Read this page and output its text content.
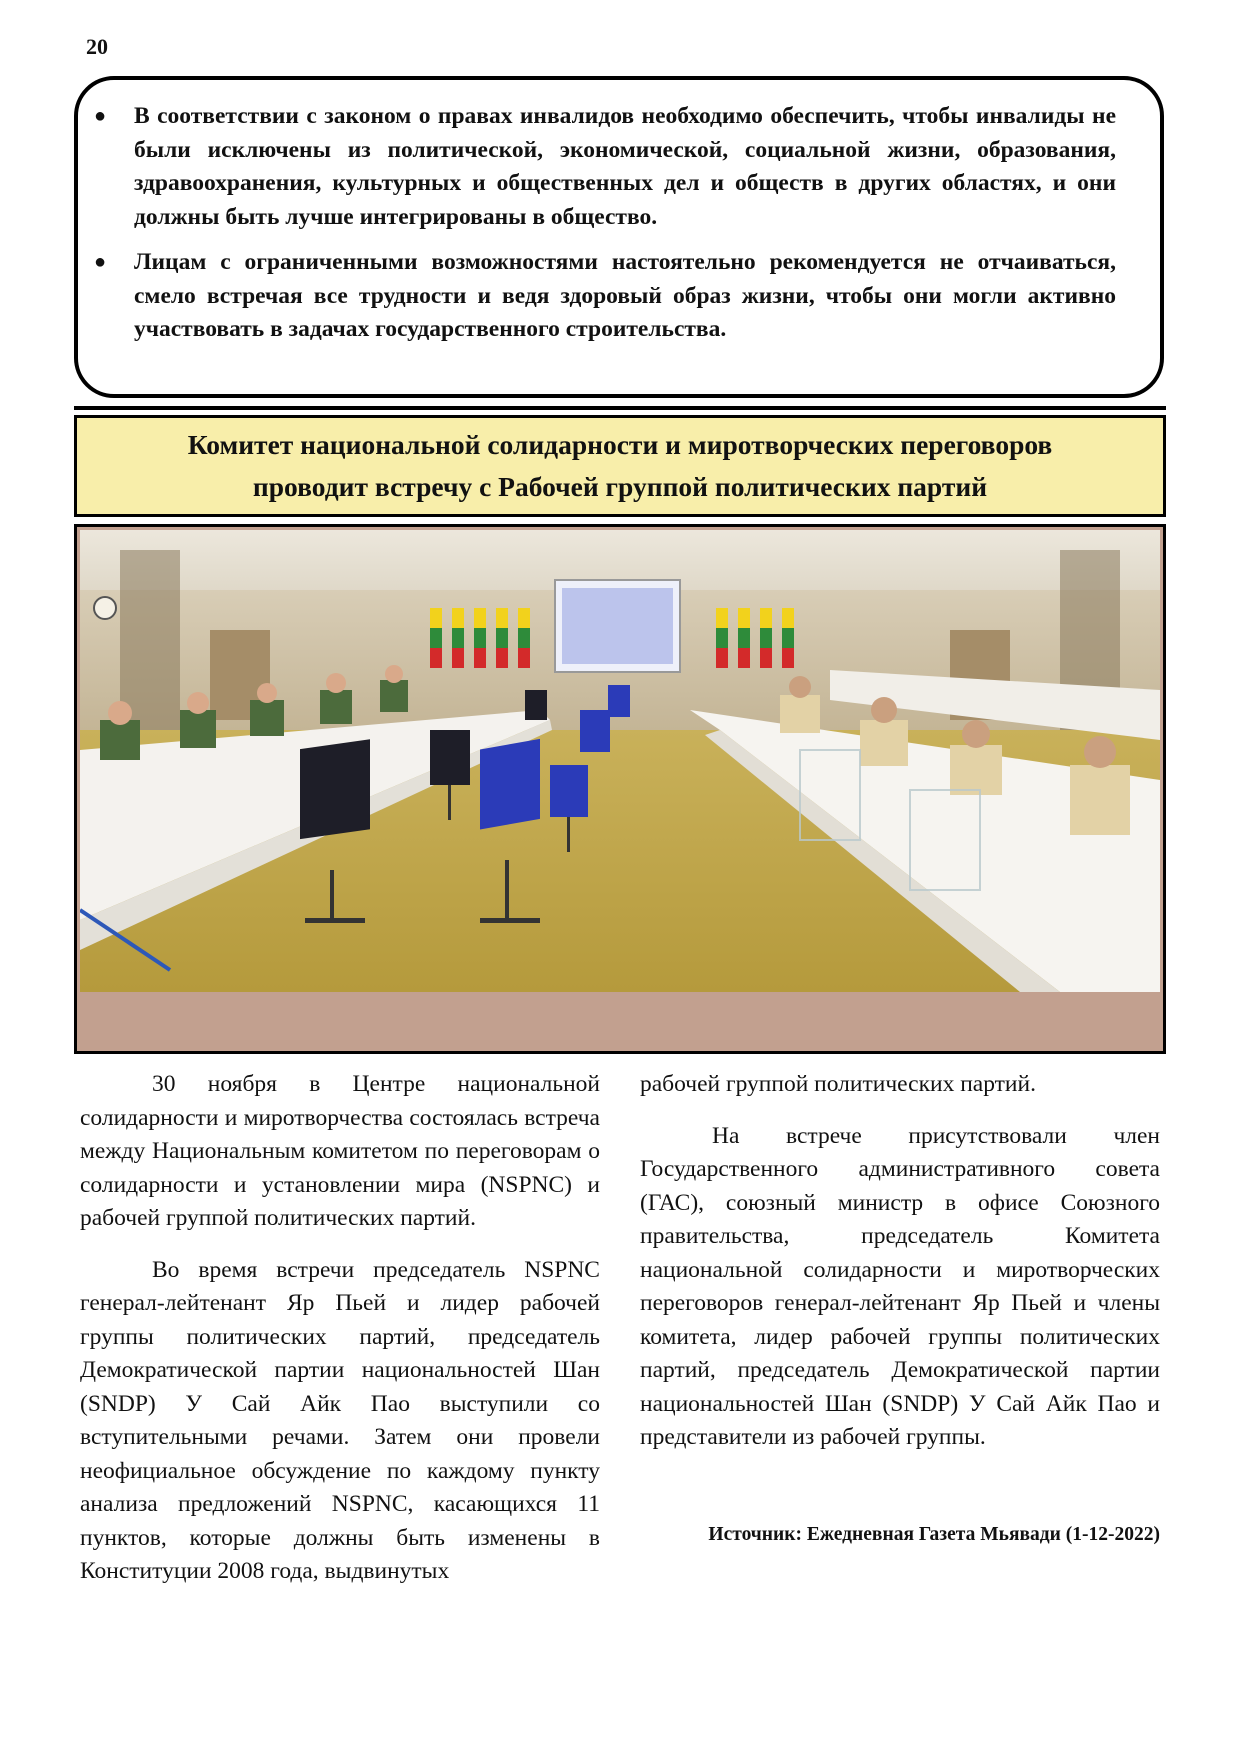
20
● В соответствии с законом о правах инвалидов необходимо обеспечить, чтобы инвалиды не были исключены из политической, экономической, социальной жизни, образования, здравоохранения, культурных и общественных дел и обществ в других областях, и они должны быть лучше интегрированы в общество.
● Лицам с ограниченными возможностями настоятельно рекомендуется не отчаиваться, смело встречая все трудности и ведя здоровый образ жизни, чтобы они могли активно участвовать в задачах государственного строительства.
Комитет национальной солидарности и миротворческих переговоров
проводит встречу с Рабочей группой политических партий

30 ноября в Центре национальной солидарности и миротворчества состоялась встреча между Национальным комитетом по переговорам о солидарности и установлении мира (NSPNC) и рабочей группой политических партий.

Во время встречи председатель NSPNC генерал-лейтенант Яр Пьей и лидер рабочей группы политических партий, председатель Демократической партии национальностей Шан (SNDP) У Сай Айк Пао выступили со вступительными речами. Затем они провели неофициальное обсуждение по каждому пункту анализа предложений NSPNC, касающихся 11 пунктов, которые должны быть изменены в Конституции 2008 года, выдвинутых

рабочей группой политических партий.

На встрече присутствовали член Государственного административного совета (ГАС), союзный министр в офисе Союзного правительства, председатель Комитета национальной солидарности и миротворческих переговоров генерал-лейтенант Яр Пьей и члены комитета, лидер рабочей группы политических партий, председатель Демократической партии национальностей Шан (SNDP) У Сай Айк Пао и представители из рабочей группы.

Источник: Ежедневная Газета Мьявади (1-12-2022)
